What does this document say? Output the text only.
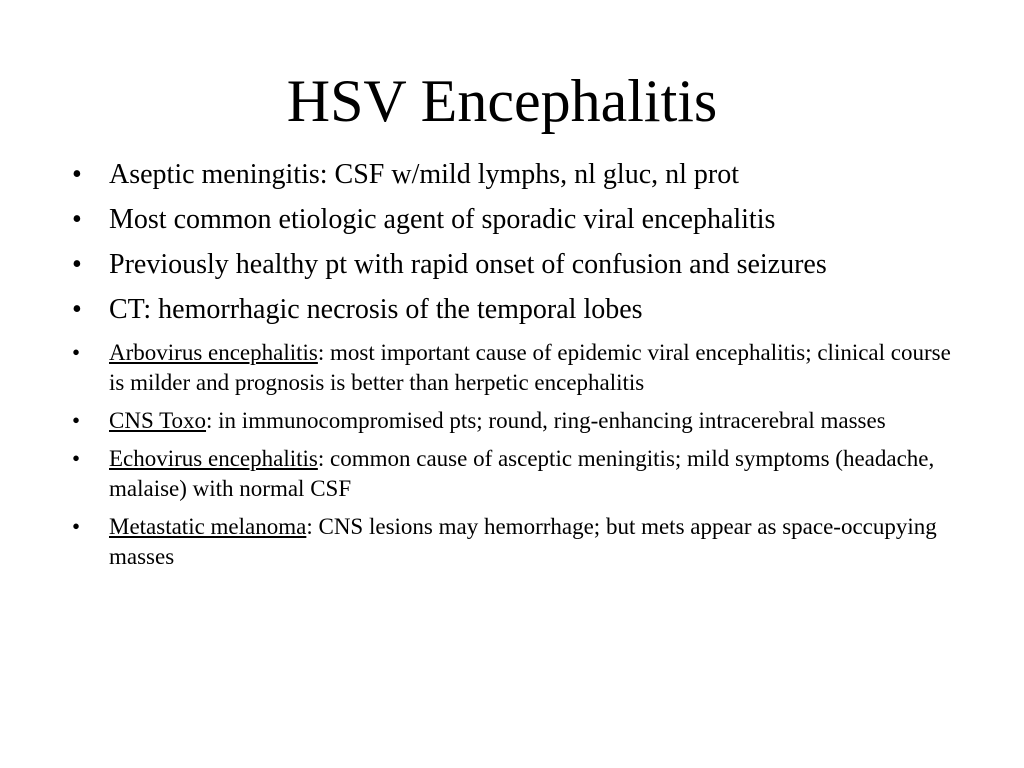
HSV Encephalitis
• Aseptic meningitis: CSF w/mild lymphs, nl gluc, nl prot
• Most common etiologic agent of sporadic viral encephalitis
• Previously healthy pt with rapid onset of confusion and seizures
• CT: hemorrhagic necrosis of the temporal lobes
• Arbovirus encephalitis: most important cause of epidemic viral encephalitis; clinical course is milder and prognosis is better than herpetic encephalitis
• CNS Toxo: in immunocompromised pts; round, ring-enhancing intracerebral masses
• Echovirus encephalitis: common cause of asceptic meningitis; mild symptoms (headache, malaise) with normal CSF
• Metastatic melanoma: CNS lesions may hemorrhage; but mets appear as space-occupying masses
